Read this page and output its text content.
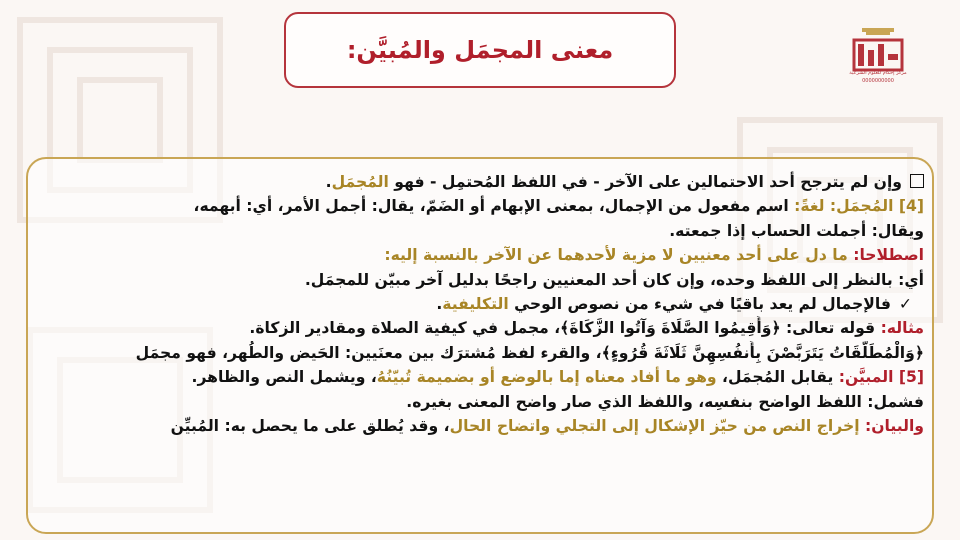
معنى المجمَل والمُبيَّن:
مركز إحكام للعلوم الشرعية
0000000000
وإن لم يترجح أحد الاحتمالين على الآخر - في اللفظ المُحتمِل - فهو المُجمَل.
[4] المُجمَل: لغةً: اسم مفعول من الإجمال، بمعنى الإبهام أو الضَمّ، يقال: أجمل الأمر، أي: أبهمه،
ويقال: أجملت الحساب إذا جمعته.
اصطلاحا: ما دل على أحد معنيين لا مزية لأحدهما عن الآخر بالنسبة إليه:
أي: بالنظر إلى اللفظ وحده، وإن كان أحد المعنيين راجحًا بدليل آخر مبيّن للمجمَل.
✓فالإجمال لم يعد باقيًا في شيء من نصوص الوحي التكليفية.
مثاله: قوله تعالى: ﴿وَأَقِيمُوا الصَّلَاةَ وَآتُوا الزَّكَاةَ﴾، مجمل في كيفية الصلاة ومقادير الزكاة.
﴿وَالْمُطَلَّقَاتُ يَتَرَبَّصْنَ بِأَنفُسِهِنَّ ثَلَاثَةَ قُرُوءٍ﴾، والقرء لفظ مُشترَك بين معنَيين: الحَيض والطُهر، فهو مجمَل
[5] المبيَّن: يقابل المُجمَل، وهو ما أفاد معناه إما بالوضع أو بضميمة تُبيّنُهُ، ويشمل النص والظاهر.
فشمل: اللفظ الواضح بنفسِه، واللفظ الذي صار واضح المعنى بغيره.
والبيان: إخراج النص من حيّز الإشكال إلى التجلي واتضاح الحال، وقد يُطلق على ما يحصل به: المُبيِّن
